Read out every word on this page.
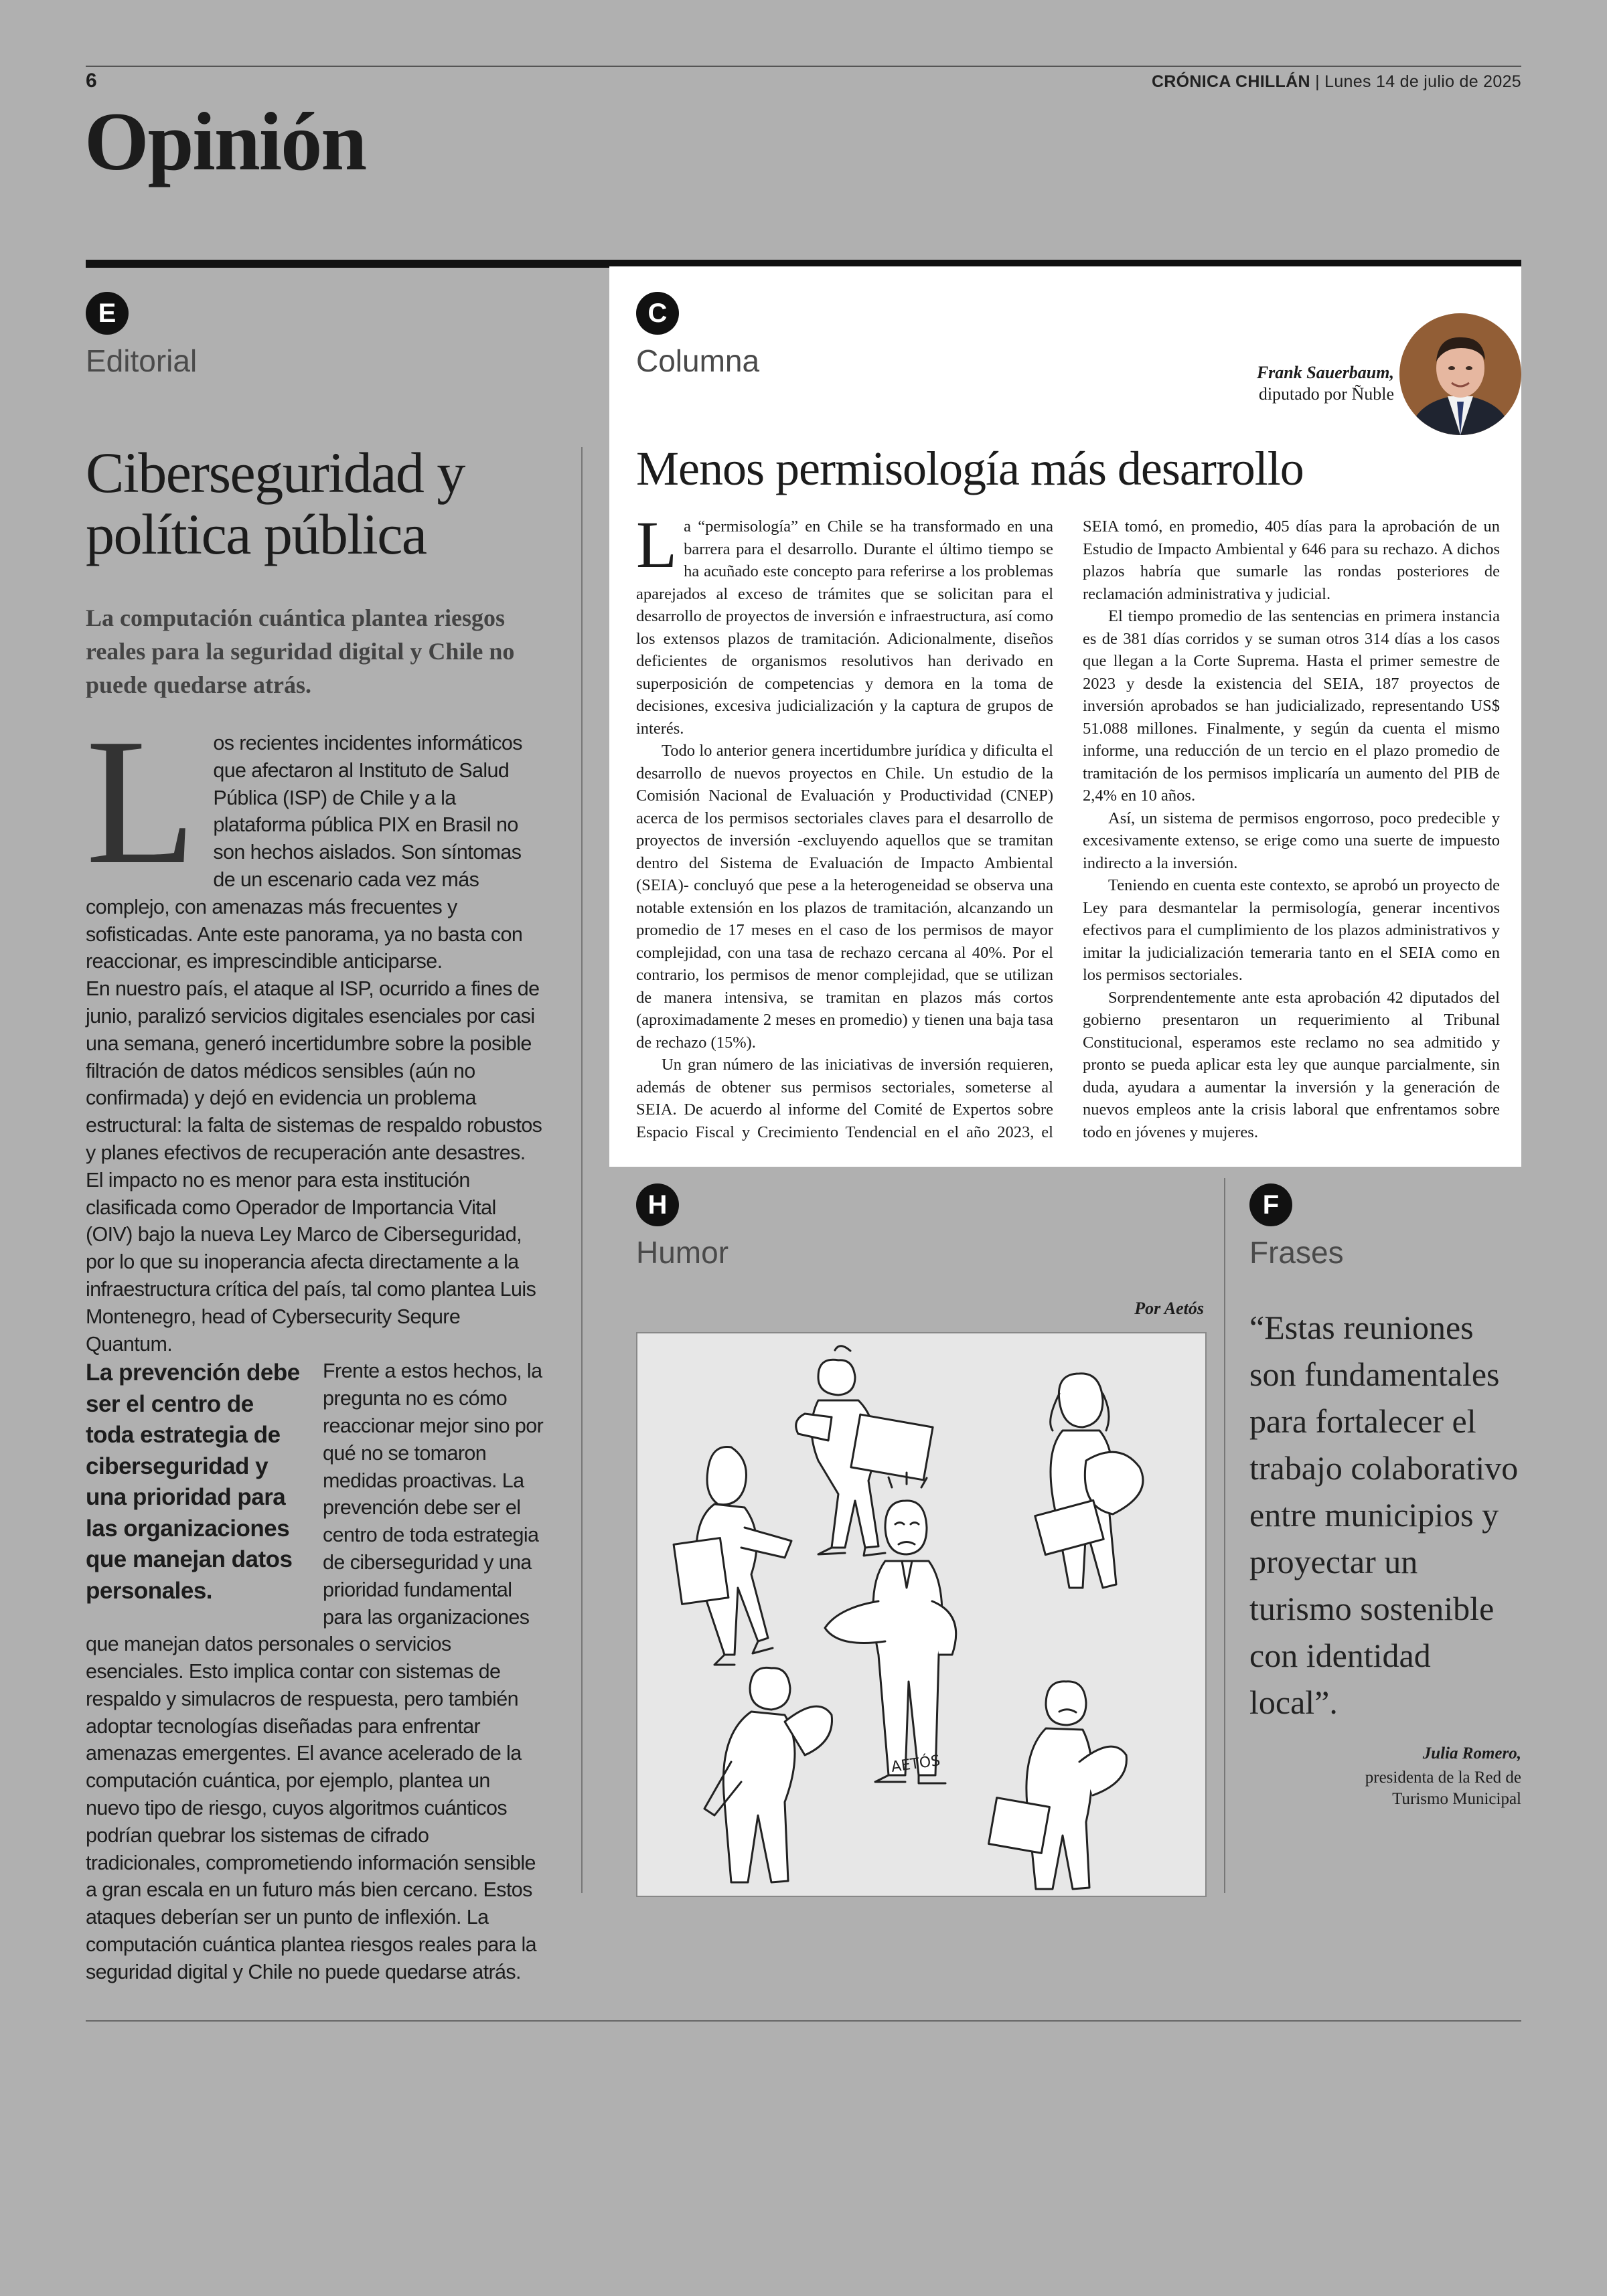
6	CRÓNICA CHILLÁN | Lunes 14 de julio de 2025
Opinión
E
Editorial
Ciberseguridad y política pública
La computación cuántica plantea riesgos reales para la seguridad digital y Chile no puede quedarse atrás.
L os recientes incidentes informáticos que afectaron al Instituto de Salud Pública (ISP) de Chile y a la plataforma pública PIX en Brasil no son hechos aislados. Son síntomas de un escenario cada vez más complejo, con amenazas más frecuentes y sofisticadas. Ante este panorama, ya no basta con reaccionar, es imprescindible anticiparse.
En nuestro país, el ataque al ISP, ocurrido a fines de junio, paralizó servicios digitales esenciales por casi una semana, generó incertidumbre sobre la posible filtración de datos médicos sensibles (aún no confirmada) y dejó en evidencia un problema estructural: la falta de sistemas de respaldo robustos y planes efectivos de recuperación ante desastres. El impacto no es menor para esta institución clasificada como Operador de Importancia Vital (OIV) bajo la nueva Ley Marco de Ciberseguridad, por lo que su inoperancia afecta directamente a la infraestructura crítica del país, tal como plantea Luis Montenegro, head of Cybersecurity Sequre Quantum.
La prevención debe ser el centro de toda estrategia de ciberseguridad y una prioridad para las organizaciones que manejan datos personales.
Frente a estos hechos, la pregunta no es cómo reaccionar mejor sino por qué no se tomaron medidas proactivas. La prevención debe ser el centro de toda estrategia de ciberseguridad y una prioridad fundamental para las organizaciones que manejan datos personales o servicios esenciales. Esto implica contar con sistemas de respaldo y simulacros de respuesta, pero también adoptar tecnologías diseñadas para enfrentar amenazas emergentes. El avance acelerado de la computación cuántica, por ejemplo, plantea un nuevo tipo de riesgo, cuyos algoritmos cuánticos podrían quebrar los sistemas de cifrado tradicionales, comprometiendo información sensible a gran escala en un futuro más bien cercano. Estos ataques deberían ser un punto de inflexión. La computación cuántica plantea riesgos reales para la seguridad digital y Chile no puede quedarse atrás.
C
Columna	Frank Sauerbaum,
diputado por Ñuble
Menos permisología más desarrollo

La “permisología” en Chile se ha transformado en una barrera para el desarrollo. Durante el último tiempo se ha acuñado este concepto para referirse a los problemas aparejados al exceso de trámites que se solicitan para el desarrollo de proyectos de inversión e infraestructura, así como los extensos plazos de tramitación. Adicionalmente, diseños deficientes de organismos resolutivos han derivado en superposición de competencias y demora en la toma de decisiones, excesiva judicialización y la captura de grupos de interés.

Todo lo anterior genera incertidumbre jurídica y dificulta el desarrollo de nuevos proyectos en Chile. Un estudio de la Comisión Nacional de Evaluación y Productividad (CNEP) acerca de los permisos sectoriales claves para el desarrollo de proyectos de inversión -excluyendo aquellos que se tramitan dentro del Sistema de Evaluación de Impacto Ambiental (SEIA)- concluyó que pese a la heterogeneidad se observa una notable extensión en los plazos de tramitación, alcanzando un promedio de 17 meses en el caso de los permisos de mayor complejidad, con una tasa de rechazo cercana al 40%. Por el contrario, los permisos de menor complejidad, que se utilizan de manera intensiva, se tramitan en plazos más cortos (aproximadamente 2 meses en promedio) y tienen una baja tasa de rechazo (15%).

Un gran número de las iniciativas de inversión requieren, además de obtener sus permisos sectoriales, someterse al SEIA. De acuerdo al informe del Comité de Expertos sobre Espacio Fiscal y Crecimiento Tendencial en el año 2023, el SEIA tomó, en promedio, 405 días para la aprobación de un Estudio de Impacto Ambiental y 646 para su rechazo. A dichos plazos habría que sumarle las rondas posteriores de reclamación administrativa y judicial.

El tiempo promedio de las sentencias en primera instancia es de 381 días corridos y se suman otros 314 días a los casos que llegan a la Corte Suprema. Hasta el primer semestre de 2023 y desde la existencia del SEIA, 187 proyectos de inversión aprobados se han judicializado, representando US$ 51.088 millones. Finalmente, y según da cuenta el mismo informe, una reducción de un tercio en el plazo promedio de tramitación de los permisos implicaría un aumento del PIB de 2,4% en 10 años.

Así, un sistema de permisos engorroso, poco predecible y excesivamente extenso, se erige como una suerte de impuesto indirecto a la inversión.

Teniendo en cuenta este contexto, se aprobó un proyecto de Ley para desmantelar la permisología, generar incentivos efectivos para el cumplimiento de los plazos administrativos y imitar la judicialización temeraria tanto en el SEIA como en los permisos sectoriales.

Sorprendentemente ante esta aprobación 42 diputados del gobierno presentaron un requerimiento al Tribunal Constitucional, esperamos este reclamo no sea admitido y pronto se pueda aplicar esta ley que aunque parcialmente, sin duda, ayudara a aumentar la inversión y la generación de nuevos empleos ante la crisis laboral que enfrentamos sobre todo en jóvenes y mujeres.

H
Humor
Por Aetós
AETÓS
F
Frases
“Estas reuniones son fundamentales para fortalecer el trabajo colaborativo entre municipios y proyectar un turismo sostenible con identidad local”.
Julia Romero,
presidenta de la Red de Turismo Municipal
